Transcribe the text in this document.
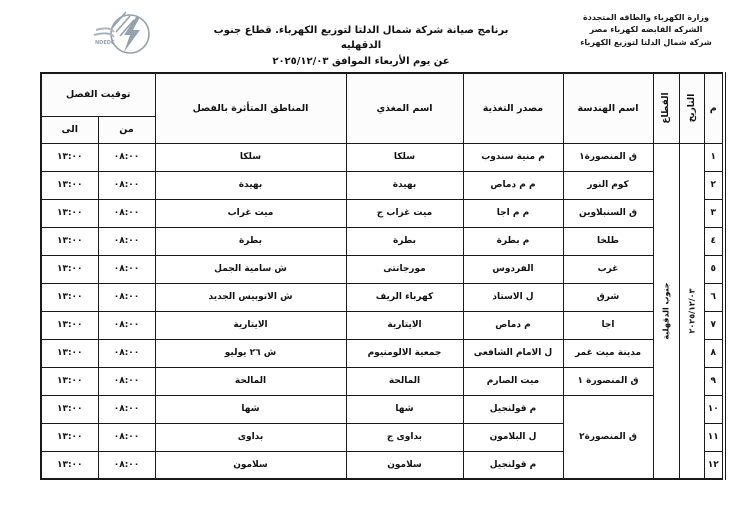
وزارة الكهرباء والطاقه المتجددة
الشركه القابضه لكهرباء مصر
شركة شمال الدلتا لتوزيع الكهرباء
برنامج صيانة شركة شمال الدلتا لتوزيع الكهرباء. قطاع جنوب الدقهليه
عن يوم الأربعاء الموافق ٢٠٢٥/١٢/٠٣
NDEDC
م	التاريخ	القطاع	اسم الهندسة	مصدر التغذية	اسم المغذي	المناطق المتأثرة بالفصل	توقيت الفصل	
							من	الى
١	٢٠٢٥/١٢/٠٣	جنوب الدقهلية	ق المنصورة١	م منية سندوب	سلكا	سلكا	٠٨:٠٠	١٣:٠٠
٢			كوم النور	م م دماص	بهيدة	بهيدة	٠٨:٠٠	١٣:٠٠
٣			ق السنبلاوين	م م اجا	ميت غراب ج	ميت غراب	٠٨:٠٠	١٣:٠٠
٤			طلخا	م بطرة	بطرة	بطرة	٠٨:٠٠	١٣:٠٠
٥			غرب	الفردوس	مورجانتى	ش سامية الجمل	٠٨:٠٠	١٣:٠٠
٦			شرق	ل الاستاد	كهرباء الريف	ش الاتوبيس الجديد	٠٨:٠٠	١٣:٠٠
٧			اجا	م دماص	الايتارية	الايتارية	٠٨:٠٠	١٣:٠٠
٨			مدينة ميت غمر	ل الامام الشافعى	جمعية الالومنيوم	ش ٢٦ يوليو	٠٨:٠٠	١٣:٠٠
٩			ق المنصورة ١	ميت الصارم	المالحة	المالحة	٠٨:٠٠	١٣:٠٠
١٠			ق المنصورة٢	م قولنجيل	شها	شها	٠٨:٠٠	١٣:٠٠
١١				ل البلامون	بداوى ج	بداوى	٠٨:٠٠	١٣:٠٠
١٢				م قولنجيل	سلامون	سلامون	٠٨:٠٠	١٣:٠٠
